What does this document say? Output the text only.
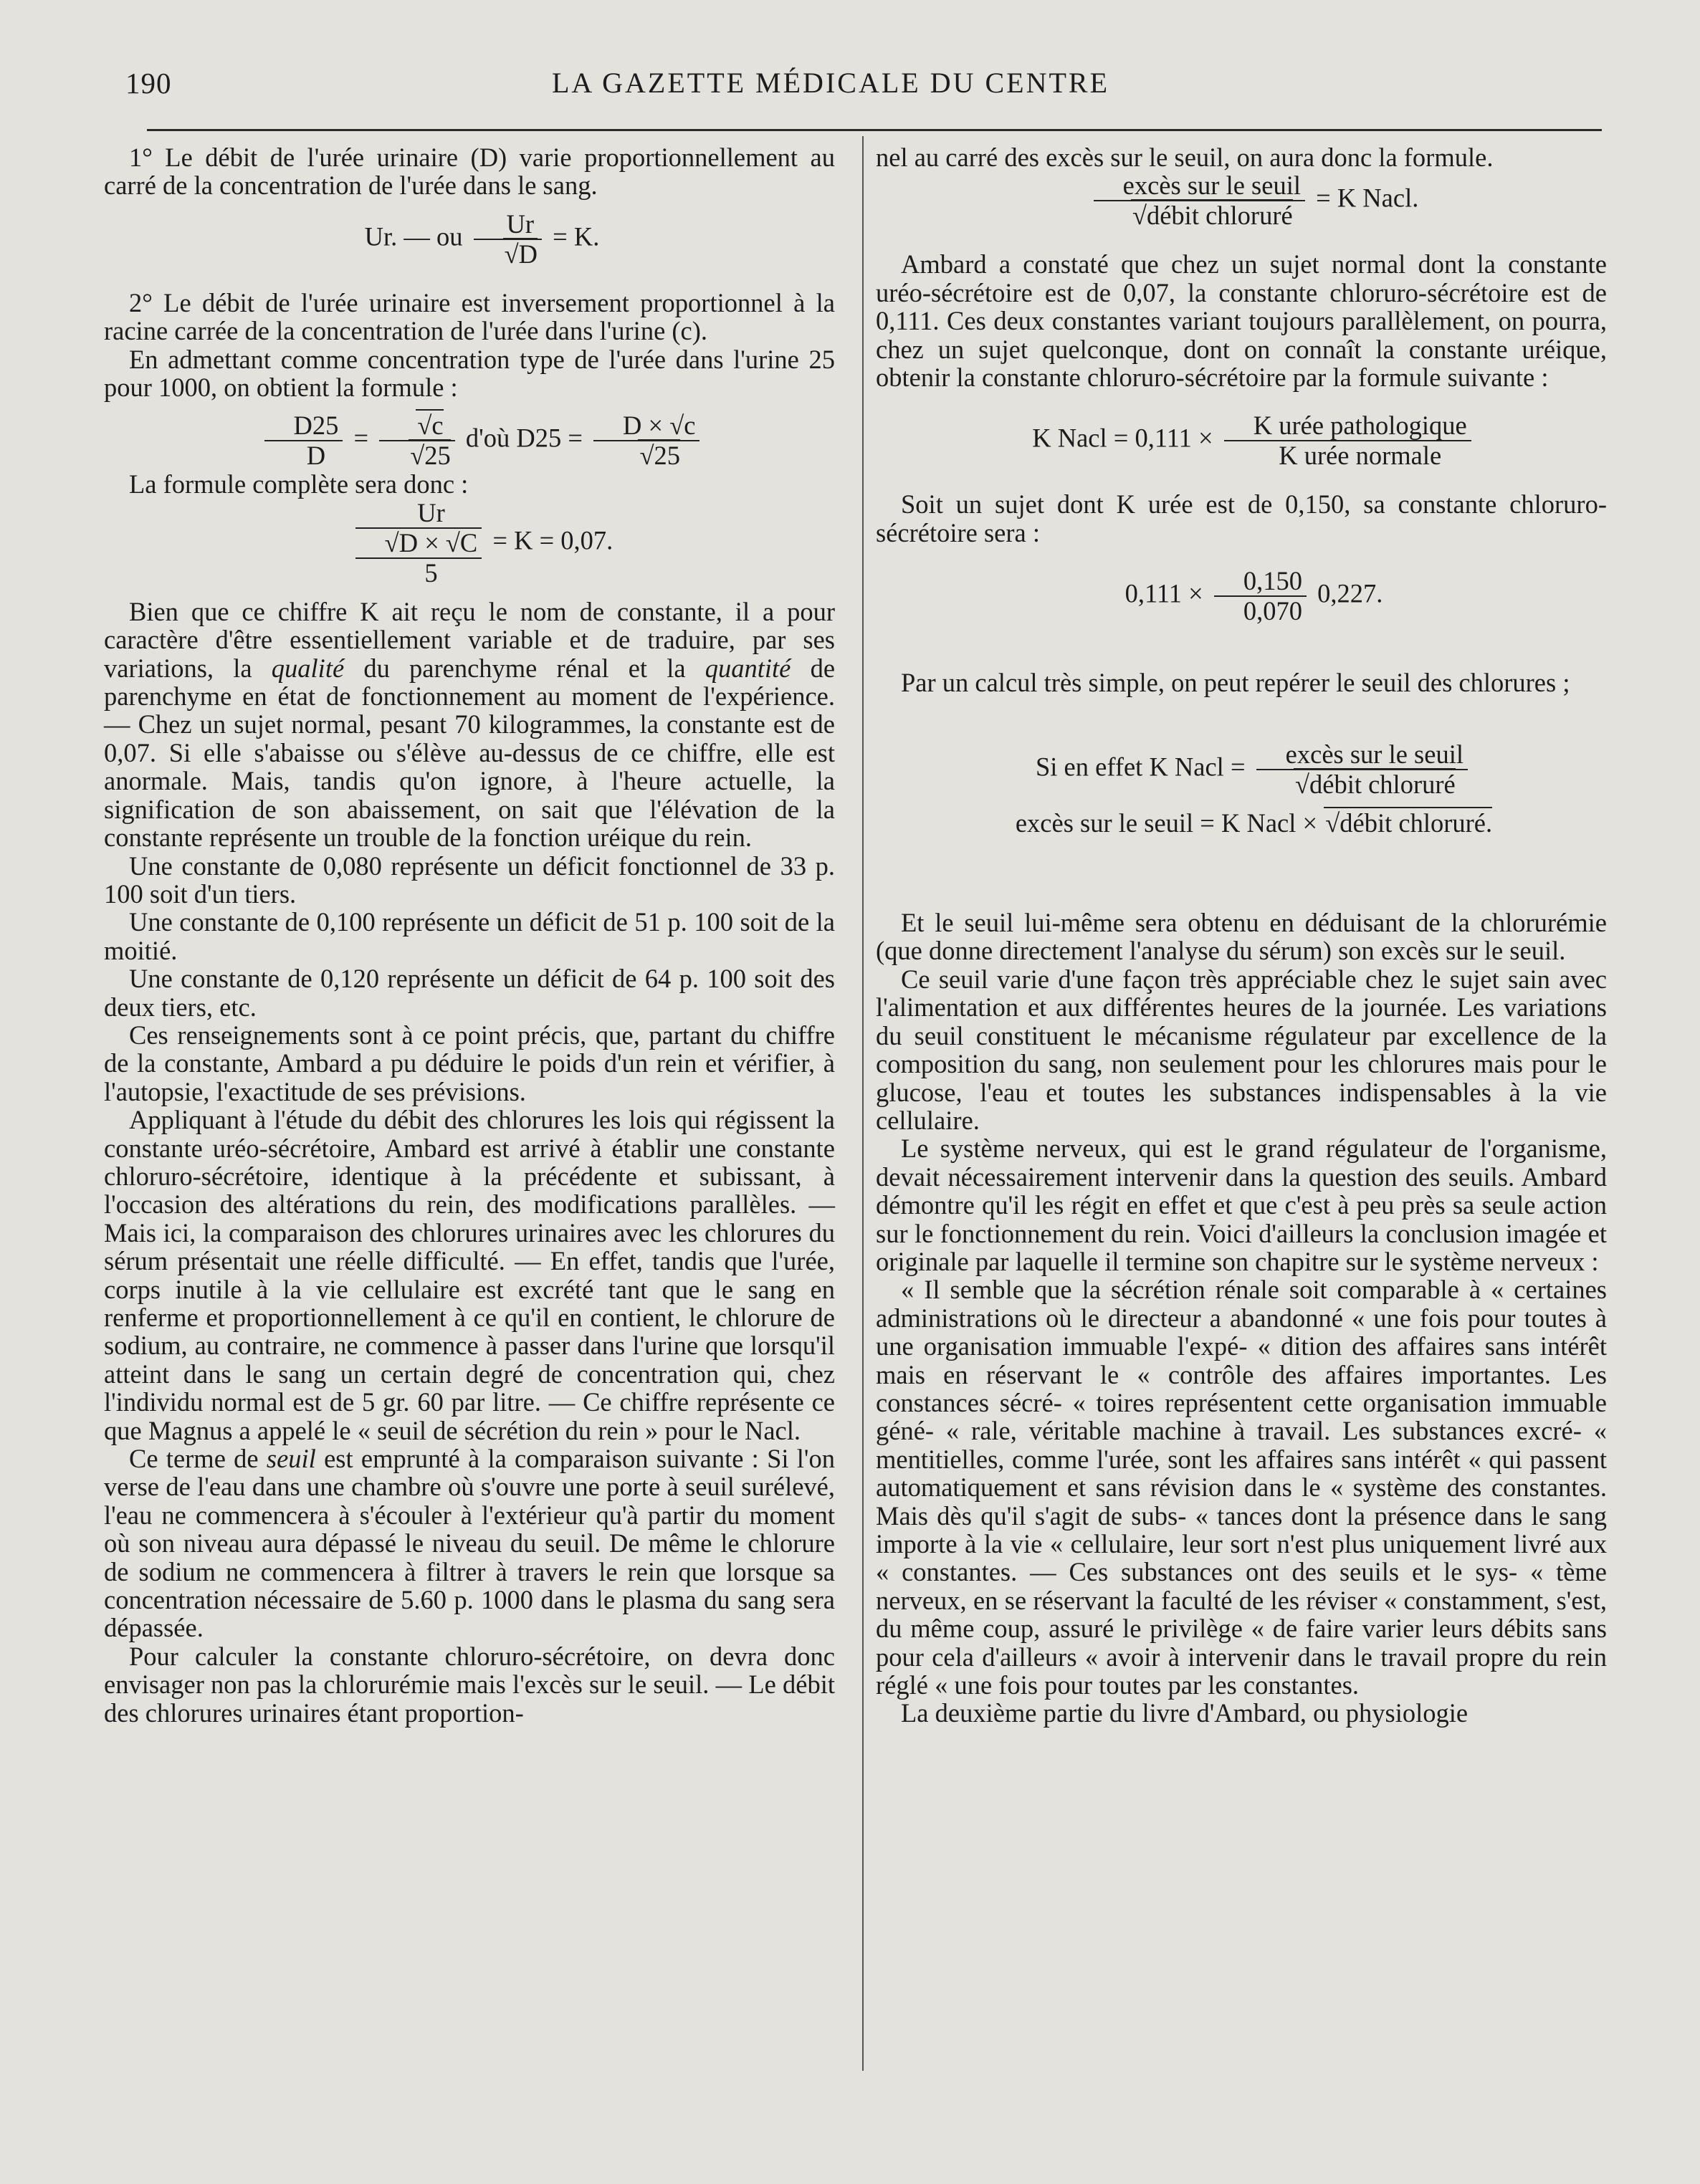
190	LA GAZETTE MÉDICALE DU CENTRE

1° Le débit de l'urée urinaire (D) varie proportionnellement au carré de la concentration de l'urée dans le sang.

Ur. — ou Ur
√ D = K.

2° Le débit de l'urée urinaire est inversement proportionnel à la racine carrée de la concentration de l'urée dans l'urine (c).

En admettant comme concentration type de l'urée dans l'urine 25 pour 1000, on obtient la formule :

$\frac{D25}{D}$ = √ c
√ 25 d'où D25 = D × √c
√ 25

La formule complète sera donc :

Ur
√D × √C
5
= K = 0,07.

Bien que ce chiffre K ait reçu le nom de constante, il a pour caractère d'être essentiellement variable et de traduire, par ses variations, la qualité du parenchyme rénal et la quantité de parenchyme en état de fonctionnement au moment de l'expérience. — Chez un sujet normal, pesant 70 kilogrammes, la constante est de 0,07. Si elle s'abaisse ou s'élève au-dessus de ce chiffre, elle est anormale. Mais, tandis qu'on ignore, à l'heure actuelle, la signification de son abaissement, on sait que l'élévation de la constante représente un trouble de la fonction uréique du rein.

Une constante de 0,080 représente un déficit fonctionnel de 33 p. 100 soit d'un tiers.

Une constante de 0,100 représente un déficit de 51 p. 100 soit de la moitié.

Une constante de 0,120 représente un déficit de 64 p. 100 soit des deux tiers, etc.

Ces renseignements sont à ce point précis, que, partant du chiffre de la constante, Ambard a pu déduire le poids d'un rein et vérifier, à l'autopsie, l'exactitude de ses prévisions.

Appliquant à l'étude du débit des chlorures les lois qui régissent la constante uréo-sécrétoire, Ambard est arrivé à établir une constante chloruro-sécrétoire, identique à la précédente et subissant, à l'occasion des altérations du rein, des modifications parallèles. — Mais ici, la comparaison des chlorures urinaires avec les chlorures du sérum présentait une réelle difficulté. — En effet, tandis que l'urée, corps inutile à la vie cellulaire est excrété tant que le sang en renferme et proportionnellement à ce qu'il en contient, le chlorure de sodium, au contraire, ne commence à passer dans l'urine que lorsqu'il atteint dans le sang un certain degré de concentration qui, chez l'individu normal est de 5 gr. 60 par litre. — Ce chiffre représente ce que Magnus a appelé le « seuil de sécrétion du rein » pour le Nacl.

Ce terme de seuil est emprunté à la comparaison suivante : Si l'on verse de l'eau dans une chambre où s'ouvre une porte à seuil surélevé, l'eau ne commencera à s'écouler à l'extérieur qu'à partir du moment où son niveau aura dépassé le niveau du seuil. De même le chlorure de sodium ne commencera à filtrer à travers le rein que lorsque sa concentration nécessaire de 5.60 p. 1000 dans le plasma du sang sera dépassée.

Pour calculer la constante chloruro-sécrétoire, on devra donc envisager non pas la chlorurémie mais l'excès sur le seuil. — Le débit des chlorures urinaires étant proportion-

nel au carré des excès sur le seuil, on aura donc la formule.

excès sur le seuil
√ débit chloruré = K Nacl.

Ambard a constaté que chez un sujet normal dont la constante uréo-sécrétoire est de 0,07, la constante chloruro-sécrétoire est de 0,111. Ces deux constantes variant toujours parallèlement, on pourra, chez un sujet quelconque, dont on connaît la constante uréique, obtenir la constante chloruro-sécrétoire par la formule suivante :

K Nacl = $0,111 \times \frac{\text{K urée pathologique}}{\text{K urée normale}}$

Soit un sujet dont K urée est de 0,150, sa constante chloruro-sécrétoire sera :

$0,111 \times \frac{0,150}{0,070} 0,227$.

Par un calcul très simple, on peut repérer le seuil des chlorures ;

Si en effet K Nacl = excès sur le seuil
√ débit chloruré

excès sur le seuil = K Nacl × √ débit chloruré.

Et le seuil lui-même sera obtenu en déduisant de la chlorurémie (que donne directement l'analyse du sérum) son excès sur le seuil.

Ce seuil varie d'une façon très appréciable chez le sujet sain avec l'alimentation et aux différentes heures de la journée. Les variations du seuil constituent le mécanisme régulateur par excellence de la composition du sang, non seulement pour les chlorures mais pour le glucose, l'eau et toutes les substances indispensables à la vie cellulaire.

Le système nerveux, qui est le grand régulateur de l'organisme, devait nécessairement intervenir dans la question des seuils. Ambard démontre qu'il les régit en effet et que c'est à peu près sa seule action sur le fonctionnement du rein. Voici d'ailleurs la conclusion imagée et originale par laquelle il termine son chapitre sur le système nerveux :

« Il semble que la sécrétion rénale soit comparable à « certaines administrations où le directeur a abandonné « une fois pour toutes à une organisation immuable l'expé- « dition des affaires sans intérêt mais en réservant le « contrôle des affaires importantes. Les constances sécré- « toires représentent cette organisation immuable géné- « rale, véritable machine à travail. Les substances excré- « mentitielles, comme l'urée, sont les affaires sans intérêt « qui passent automatiquement et sans révision dans le « système des constantes. Mais dès qu'il s'agit de subs- « tances dont la présence dans le sang importe à la vie « cellulaire, leur sort n'est plus uniquement livré aux « constantes. — Ces substances ont des seuils et le sys- « tème nerveux, en se réservant la faculté de les réviser « constamment, s'est, du même coup, assuré le privilège « de faire varier leurs débits sans pour cela d'ailleurs « avoir à intervenir dans le travail propre du rein réglé « une fois pour toutes par les constantes.

La deuxième partie du livre d'Ambard, ou physiologie
